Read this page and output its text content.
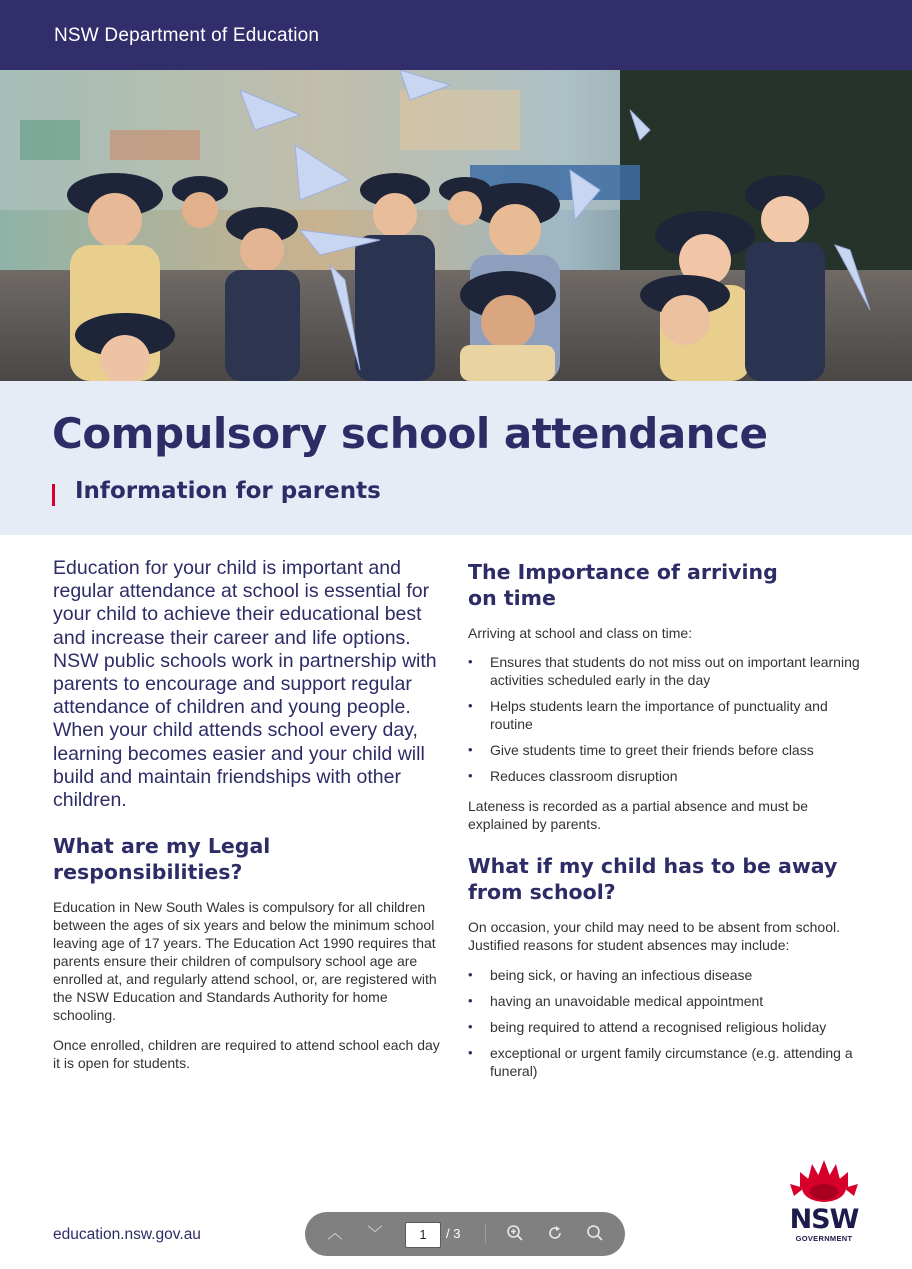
NSW Department of Education
Compulsory school attendance
Information for parents

Education for your child is important and regular attendance at school is essential for your child to achieve their educational best and increase their career and life options. NSW public schools work in partnership with parents to encourage and support regular attendance of children and young people. When your child attends school every day, learning becomes easier and your child will build and maintain friendships with other children.

What are my Legal responsibilities?

Education in New South Wales is compulsory for all children between the ages of six years and below the minimum school leaving age of 17 years. The Education Act 1990 requires that parents ensure their children of compulsory school age are enrolled at, and regularly attend school, or, are registered with the NSW Education and Standards Authority for home schooling.

Once enrolled, children are required to attend school each day it is open for students.

The Importance of arriving on time

Arriving at school and class on time:

• Ensures that students do not miss out on important learning activities scheduled early in the day
• Helps students learn the importance of punctuality and routine
• Give students time to greet their friends before class
• Reduces classroom disruption

Lateness is recorded as a partial absence and must be explained by parents.

What if my child has to be away from school?

On occasion, your child may need to be absent from school. Justified reasons for student absences may include:

• being sick, or having an infectious disease
• having an unavoidable medical appointment
• being required to attend a recognised religious holiday
• exceptional or urgent family circumstance (e.g. attending a funeral)
education.nsw.gov.au	︿ ﹀	1	/ 3	NSW
GOVERNMENT
